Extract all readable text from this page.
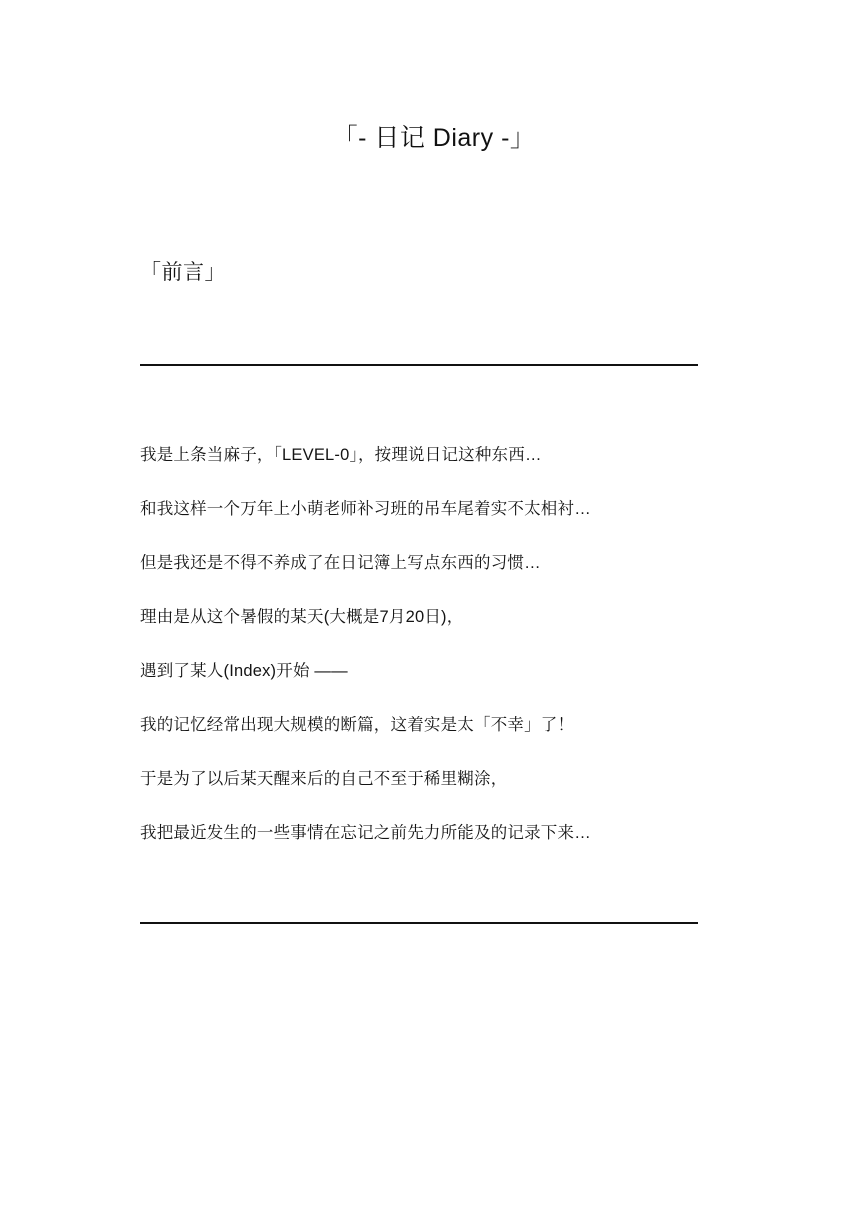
「- 日记 Diary -」
「前言」
我是上条当麻子，「LEVEL-0」，按理说日记这种东西…
和我这样一个万年上小萌老师补习班的吊车尾着实不太相衬…
但是我还是不得不养成了在日记簿上写点东西的习惯…
理由是从这个暑假的某天(大概是7月20日)，
遇到了某人(Index)开始 ——
我的记忆经常出现大规模的断篇，这着实是太「不幸」了！
于是为了以后某天醒来后的自己不至于稀里糊涂，
我把最近发生的一些事情在忘记之前先力所能及的记录下来…
